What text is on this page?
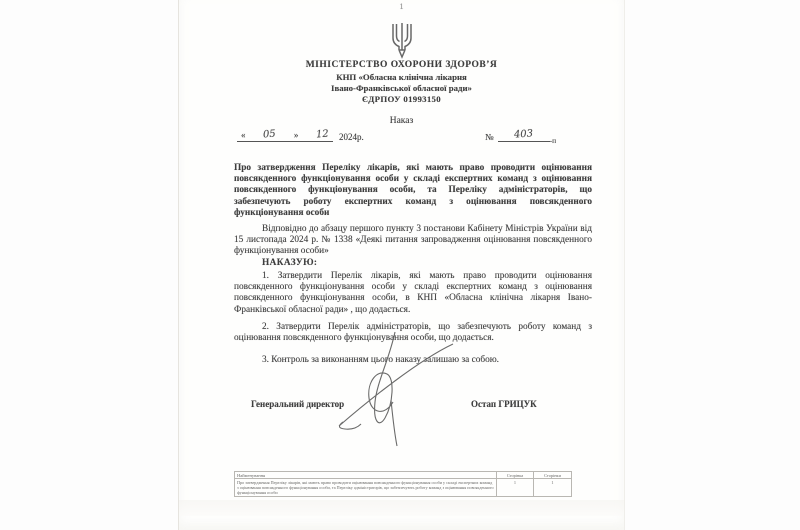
1
МІНІСТЕРСТВО ОХОРОНИ ЗДОРОВ’Я
КНП «Обласна клінічна лікарня
Івано-Франківської обласної ради»
ЄДРПОУ 01993150
Наказ
« 05 » 12 2024р.	№	403	-п
Про затвердження Переліку лікарів, які мають право проводити оцінювання повсякденного функціонування особи у складі експертних команд з оцінювання повсякденного функціонування особи, та Переліку адміністраторів, що забезпечують роботу експертних команд з оцінювання повсякденного функціонування особи
Відповідно до абзацу першого пункту 3 постанови Кабінету Міністрів України від 15 листопада 2024 р. № 1338 «Деякі питання запровадження оцінювання повсякденного функціонування особи»
НАКАЗУЮ:
1. Затвердити Перелік лікарів, які мають право проводити оцінювання повсякденного функціонування особи у складі експертних команд з оцінювання повсякденного функціонування особи, в КНП «Обласна клінічна лікарня Івано-Франківської обласної ради» , що додається.
2. Затвердити Перелік адміністраторів, що забезпечують роботу команд з оцінювання повсякденного функціонування особи, що додається.
3. Контроль за виконанням цього наказу залишаю за собою.
Генеральний директор	Остап ГРИЦУК
Найменування	Сторінка	Сторінки
Про затвердження Переліку лікарів, які мають право проводити оцінювання повсякденного функціонування особи у складі експертних команд з оцінювання повсякденного функціонування особи, та Переліку адміністраторів, що забезпечують роботу команд з оцінювання повсякденного функціонування особи	1	1
